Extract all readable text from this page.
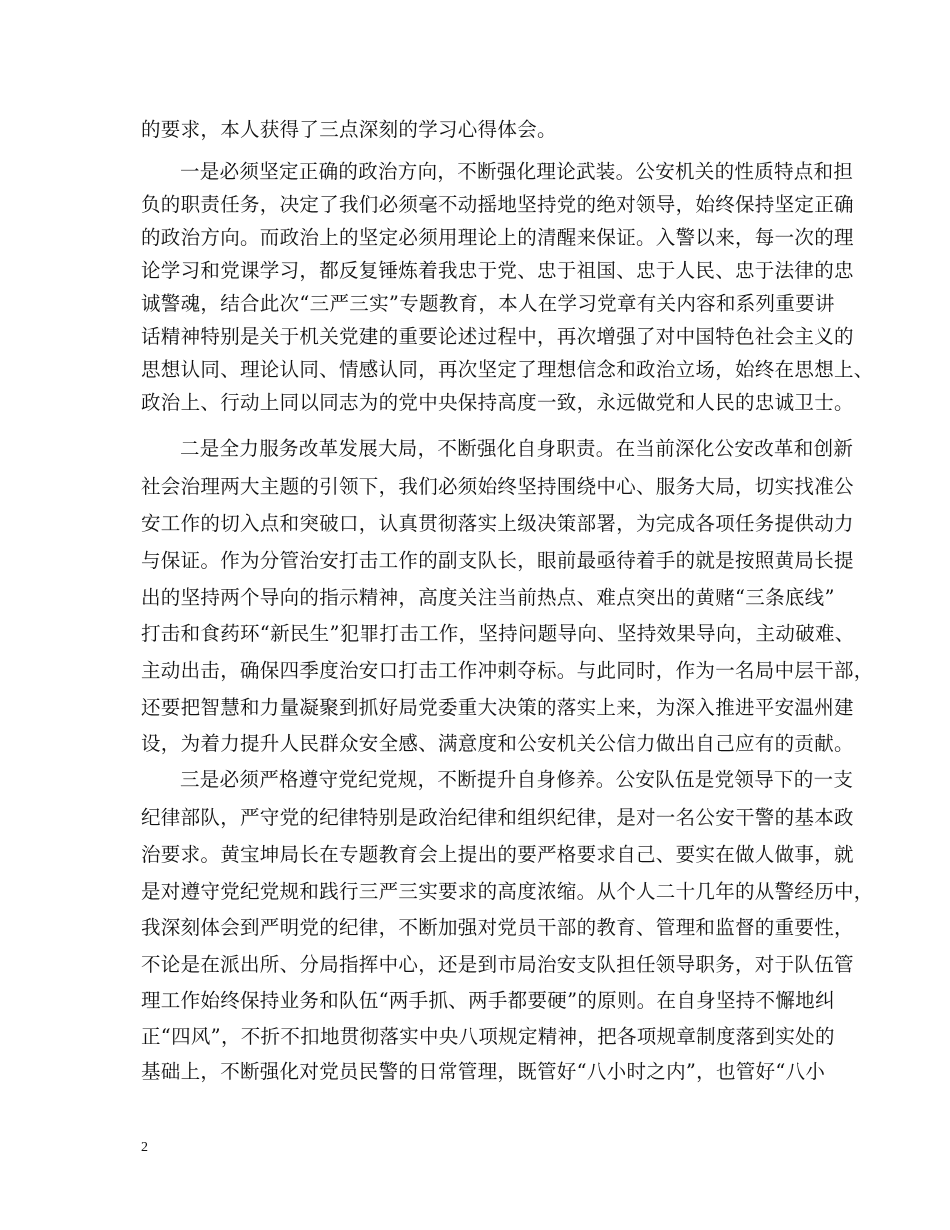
的要求，本人获得了三点深刻的学习心得体会。
一是必须坚定正确的政治方向，不断强化理论武装。公安机关的性质特点和担
负的职责任务，决定了我们必须毫不动摇地坚持党的绝对领导，始终保持坚定正确
的政治方向。而政治上的坚定必须用理论上的清醒来保证。入警以来，每一次的理
论学习和党课学习，都反复锤炼着我忠于党、忠于祖国、忠于人民、忠于法律的忠
诚警魂，结合此次“三严三实”专题教育，本人在学习党章有关内容和系列重要讲
话精神特别是关于机关党建的重要论述过程中，再次增强了对中国特色社会主义的
思想认同、理论认同、情感认同，再次坚定了理想信念和政治立场，始终在思想上、
政治上、行动上同以同志为的党中央保持高度一致，永远做党和人民的忠诚卫士。
二是全力服务改革发展大局，不断强化自身职责。在当前深化公安改革和创新
社会治理两大主题的引领下，我们必须始终坚持围绕中心、服务大局，切实找准公
安工作的切入点和突破口，认真贯彻落实上级决策部署，为完成各项任务提供动力
与保证。作为分管治安打击工作的副支队长，眼前最亟待着手的就是按照黄局长提
出的坚持两个导向的指示精神，高度关注当前热点、难点突出的黄赌“三条底线”
打击和食药环“新民生”犯罪打击工作，坚持问题导向、坚持效果导向，主动破难、
主动出击，确保四季度治安口打击工作冲刺夺标。与此同时，作为一名局中层干部，
还要把智慧和力量凝聚到抓好局党委重大决策的落实上来，为深入推进平安温州建
设，为着力提升人民群众安全感、满意度和公安机关公信力做出自己应有的贡献。
三是必须严格遵守党纪党规，不断提升自身修养。公安队伍是党领导下的一支
纪律部队，严守党的纪律特别是政治纪律和组织纪律，是对一名公安干警的基本政
治要求。黄宝坤局长在专题教育会上提出的要严格要求自己、要实在做人做事，就
是对遵守党纪党规和践行三严三实要求的高度浓缩。从个人二十几年的从警经历中，
我深刻体会到严明党的纪律，不断加强对党员干部的教育、管理和监督的重要性，
不论是在派出所、分局指挥中心，还是到市局治安支队担任领导职务，对于队伍管
理工作始终保持业务和队伍“两手抓、两手都要硬”的原则。在自身坚持不懈地纠
正“四风”，不折不扣地贯彻落实中央八项规定精神，把各项规章制度落到实处的
基础上，不断强化对党员民警的日常管理，既管好“八小时之内”，也管好“八小
2
